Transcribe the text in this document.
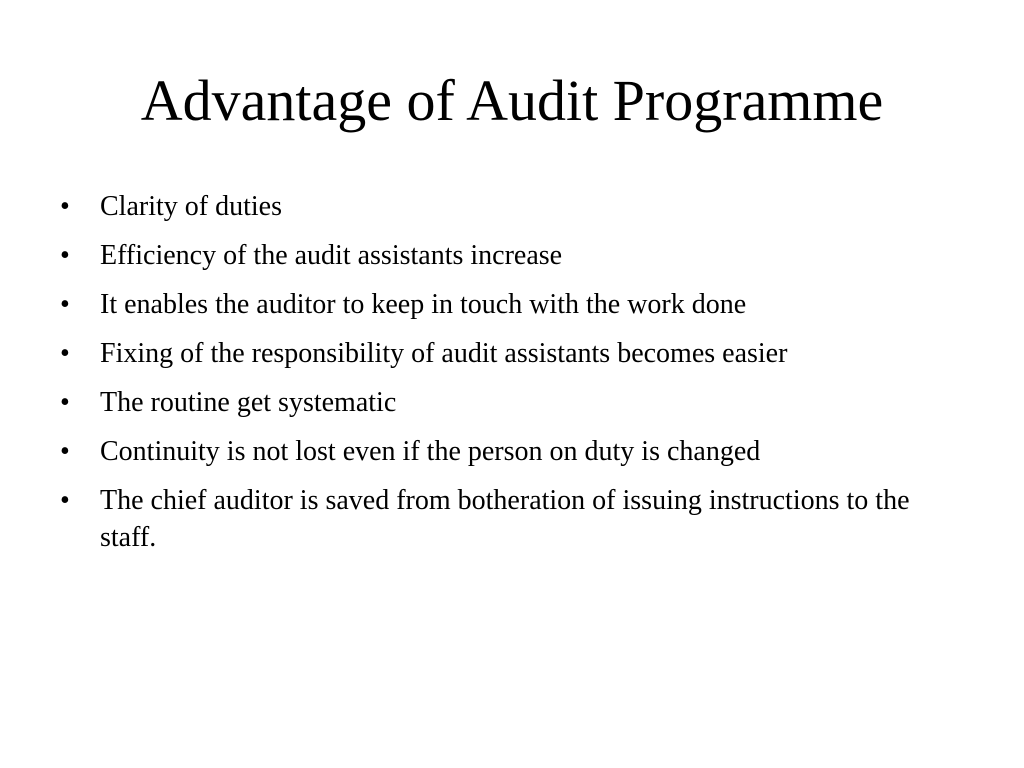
Advantage of Audit Programme
•	Clarity of duties
•	Efficiency of the audit assistants increase
•	It enables the auditor to keep in touch with the work done
•	Fixing of the responsibility of audit assistants becomes easier
•	The routine get systematic
•	Continuity is not lost even if the person on duty is changed
•	The chief auditor is saved from botheration of issuing instructions to the staff.
